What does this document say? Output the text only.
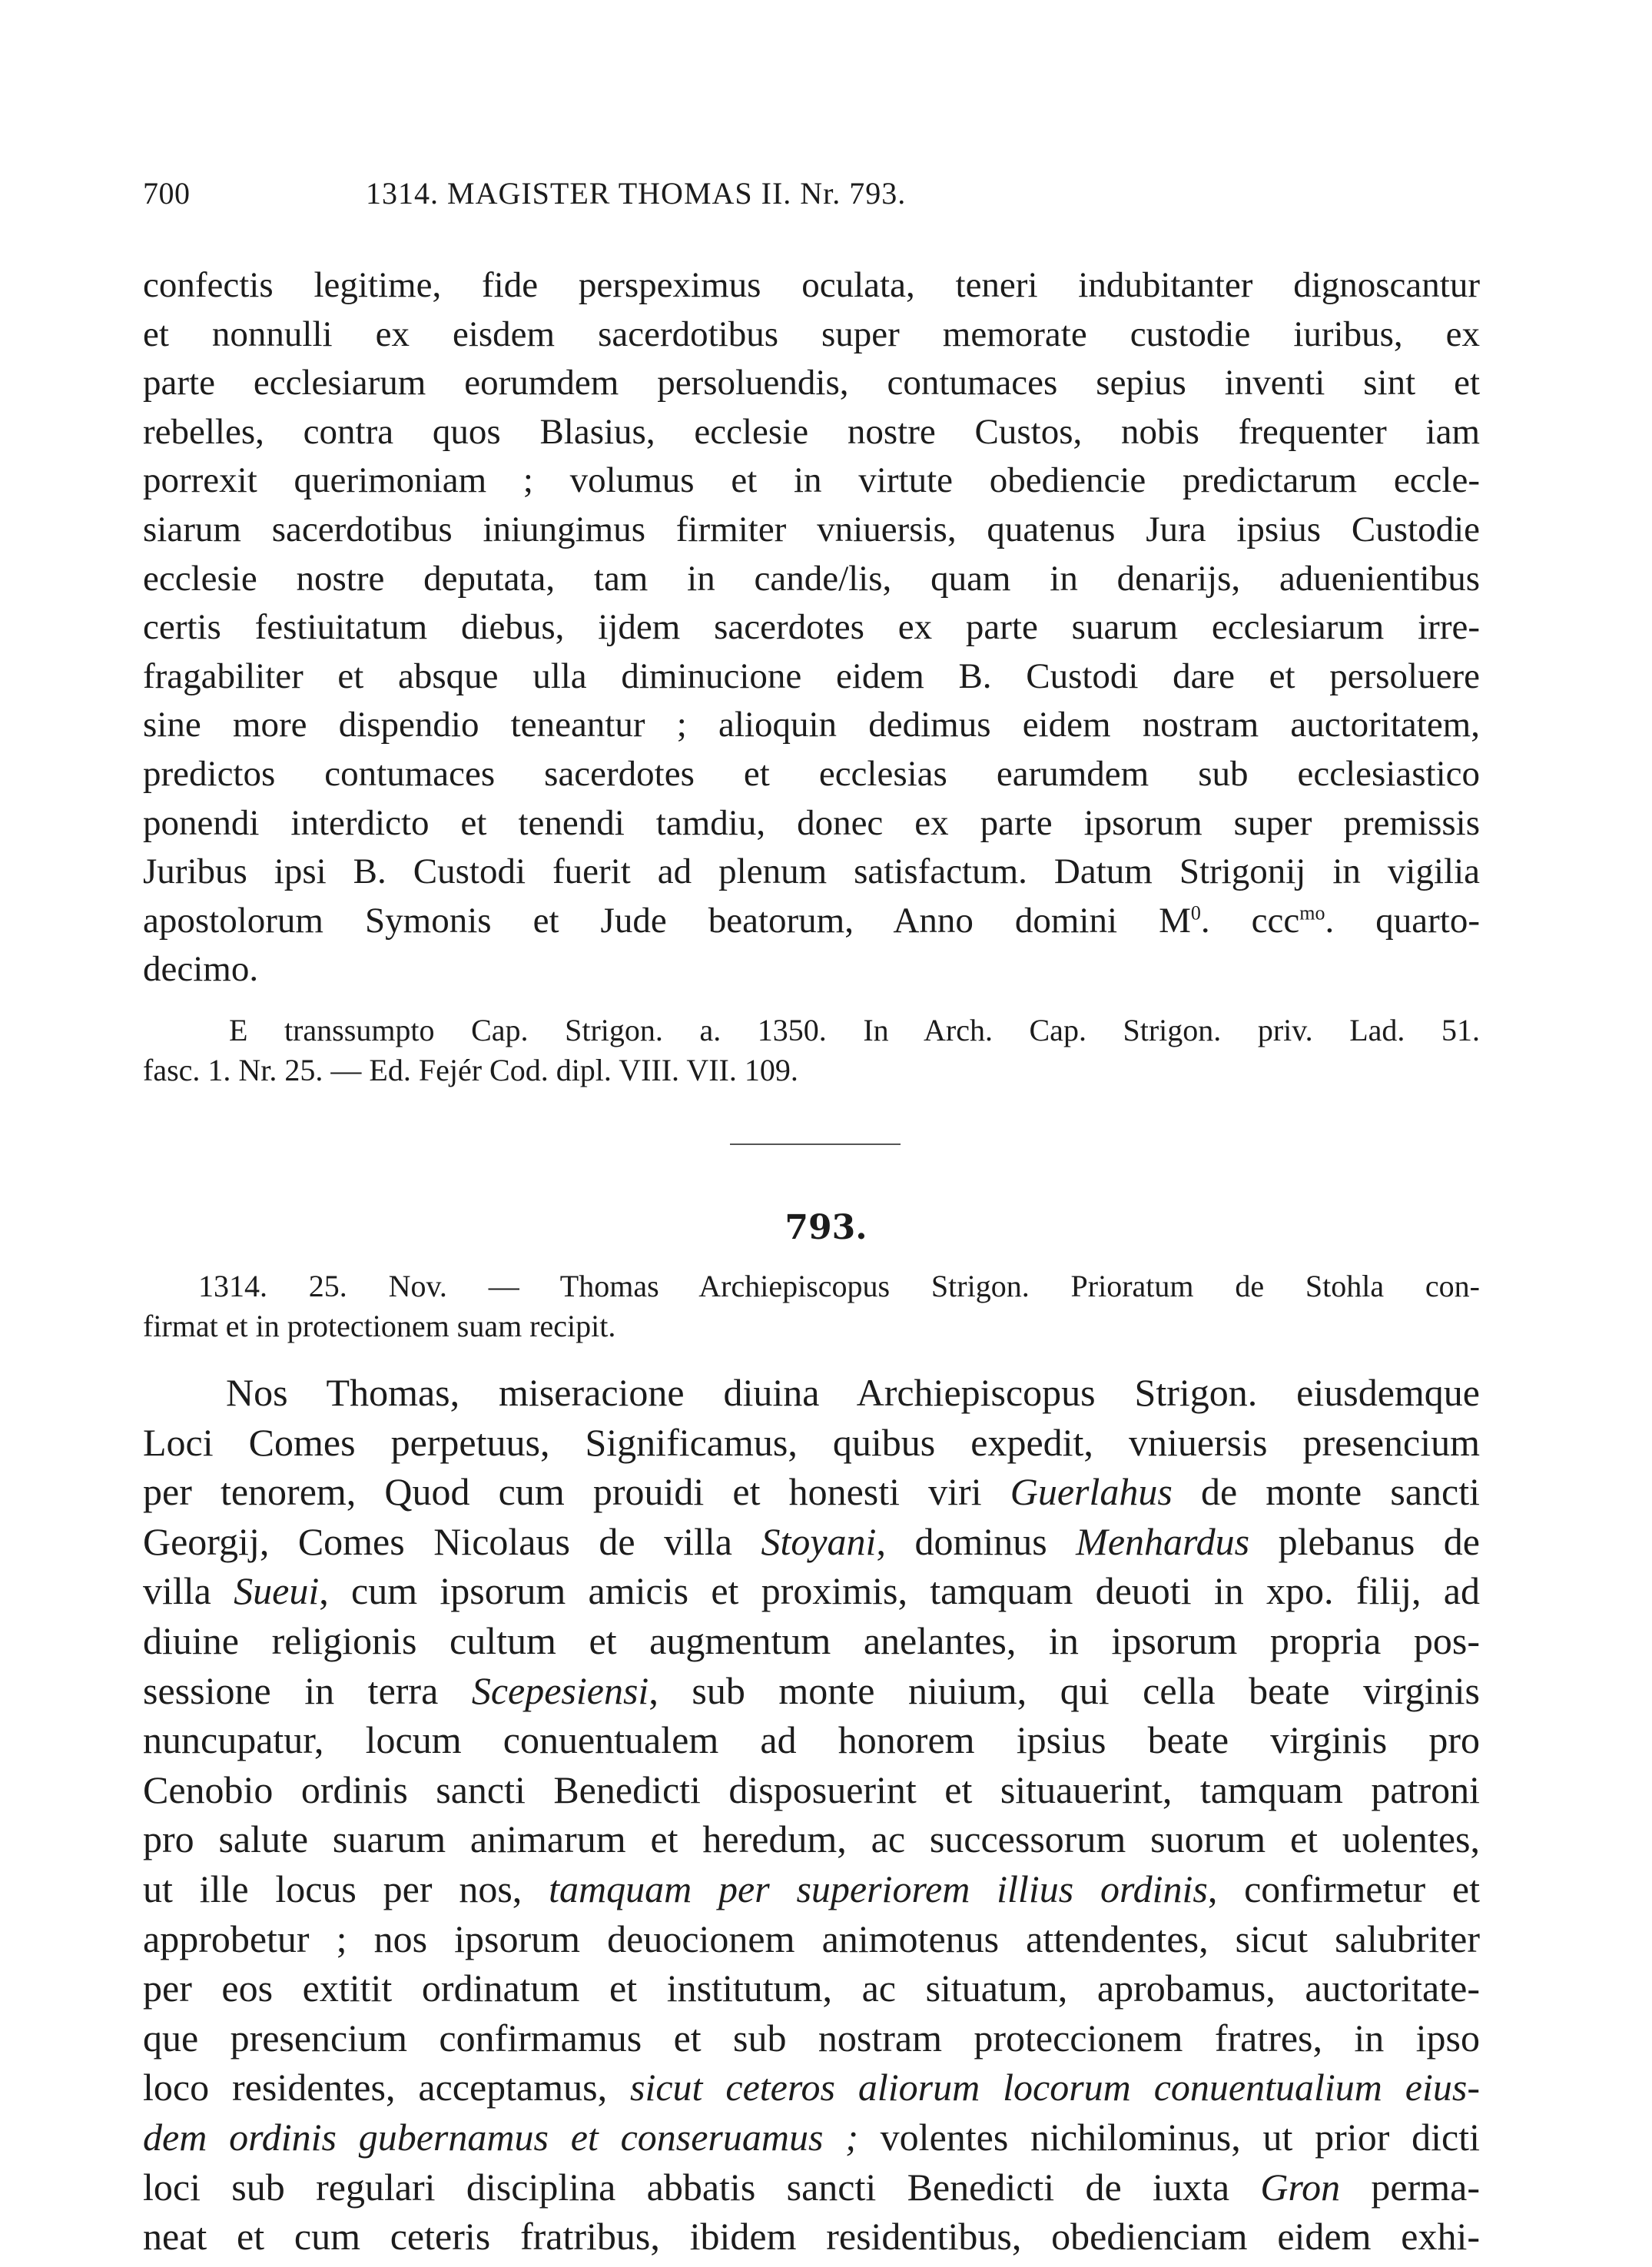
700	1314. MAGISTER THOMAS II. Nr. 793.
confectis legitime, fide perspeximus oculata, teneri indubitanter dignoscantur
et nonnulli ex eisdem sacerdotibus super memorate custodie iuribus, ex
parte ecclesiarum eorumdem persoluendis, contumaces sepius inventi sint et
rebelles, contra quos Blasius, ecclesie nostre Custos, nobis frequenter iam
porrexit querimoniam ; volumus et in virtute obediencie predictarum eccle-
siarum sacerdotibus iniungimus firmiter vniuersis, quatenus Jura ipsius Custodie
ecclesie nostre deputata, tam in cande/lis, quam in denarijs, aduenientibus
certis festiuitatum diebus, ijdem sacerdotes ex parte suarum ecclesiarum irre-
fragabiliter et absque ulla diminucione eidem B. Custodi dare et persoluere
sine more dispendio teneantur ; alioquin dedimus eidem nostram auctoritatem,
predictos contumaces sacerdotes et ecclesias earumdem sub ecclesiastico
ponendi interdicto et tenendi tamdiu, donec ex parte ipsorum super premissis
Juribus ipsi B. Custodi fuerit ad plenum satisfactum. Datum Strigonij in vigilia
apostolorum Symonis et Jude beatorum, Anno domini $M^0$. ccc$^{mo}$. quarto-
decimo.
E transsumpto Cap. Strigon. a. 1350. In Arch. Cap. Strigon. priv. Lad. 51.
fasc. 1. Nr. 25. — Ed. Fejér Cod. dipl. VIII. VII. 109.
793.
1314. 25. Nov. — Thomas Archiepiscopus Strigon. Prioratum de Stohla con-
firmat et in protectionem suam recipit.
Nos Thomas, miseracione diuina Archiepiscopus Strigon. eiusdemque
Loci Comes perpetuus, Significamus, quibus expedit, vniuersis presencium
per tenorem, Quod cum prouidi et honesti viri Guerlahus de monte sancti
Georgij, Comes Nicolaus de villa Stoyani, dominus Menhardus plebanus de
villa Sueui, cum ipsorum amicis et proximis, tamquam deuoti in xpo. filij, ad
diuine religionis cultum et augmentum anelantes, in ipsorum propria pos-
sessione in terra Scepesiensi, sub monte niuium, qui cella beate virginis
nuncupatur, locum conuentualem ad honorem ipsius beate virginis pro
Cenobio ordinis sancti Benedicti disposuerint et situauerint, tamquam patroni
pro salute suarum animarum et heredum, ac successorum suorum et uolentes,
ut ille locus per nos, tamquam per superiorem illius ordinis, confirmetur et
approbetur ; nos ipsorum deuocionem animotenus attendentes, sicut salubriter
per eos extitit ordinatum et institutum, ac situatum, aprobamus, auctoritate-
que presencium confirmamus et sub nostram proteccionem fratres, in ipso
loco residentes, acceptamus, sicut ceteros aliorum locorum conuentualium eius-
dem ordinis gubernamus et conseruamus ; volentes nichilominus, ut prior dicti
loci sub regulari disciplina abbatis sancti Benedicti de iuxta Gron perma-
neat et cum ceteris fratribus, ibidem residentibus, obedienciam eidem exhi-
